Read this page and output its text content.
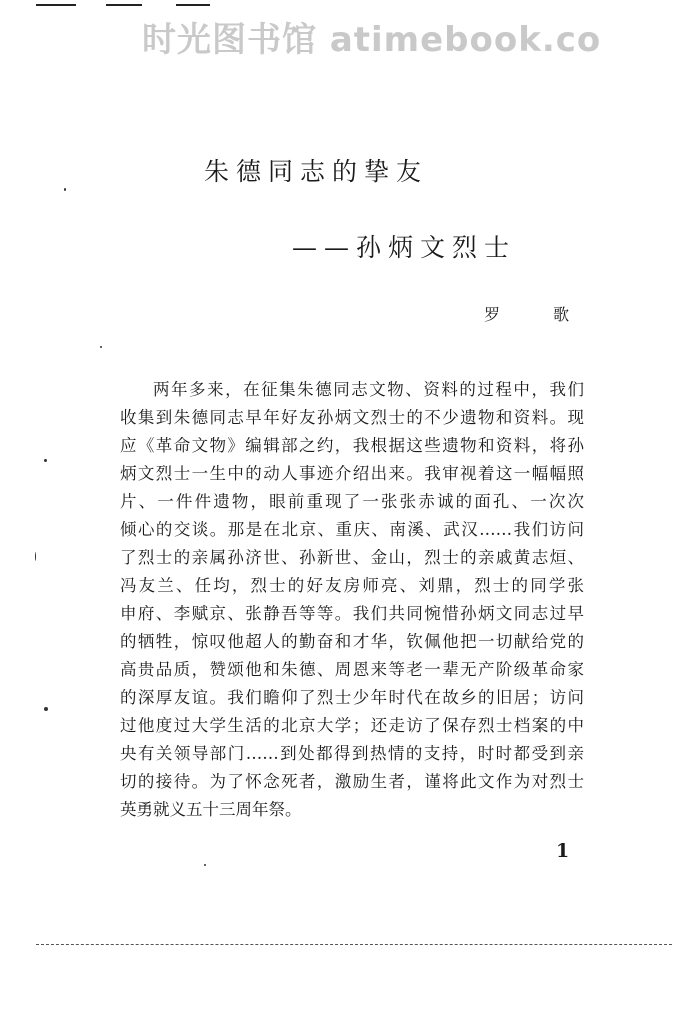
时光图书馆 atimebook.co
朱德同志的挚友
——孙炳文烈士
罗 歌
两年多来，在征集朱德同志文物、资料的过程中，我们
收集到朱德同志早年好友孙炳文烈士的不少遗物和资料。现
应《革命文物》编辑部之约，我根据这些遗物和资料，将孙
炳文烈士一生中的动人事迹介绍出来。我审视着这一幅幅照
片、一件件遗物，眼前重现了一张张赤诚的面孔、一次次
倾心的交谈。那是在北京、重庆、南溪、武汉……我们访问
了烈士的亲属孙济世、孙新世、金山，烈士的亲戚黄志烜、
冯友兰、任均，烈士的好友房师亮、刘鼎，烈士的同学张
申府、李赋京、张静吾等等。我们共同惋惜孙炳文同志过早
的牺牲，惊叹他超人的勤奋和才华，钦佩他把一切献给党的
高贵品质，赞颂他和朱德、周恩来等老一辈无产阶级革命家
的深厚友谊。我们瞻仰了烈士少年时代在故乡的旧居；访问
过他度过大学生活的北京大学；还走访了保存烈士档案的中
央有关领导部门……到处都得到热情的支持，时时都受到亲
切的接待。为了怀念死者，激励生者，谨将此文作为对烈士
英勇就义五十三周年祭。
1
